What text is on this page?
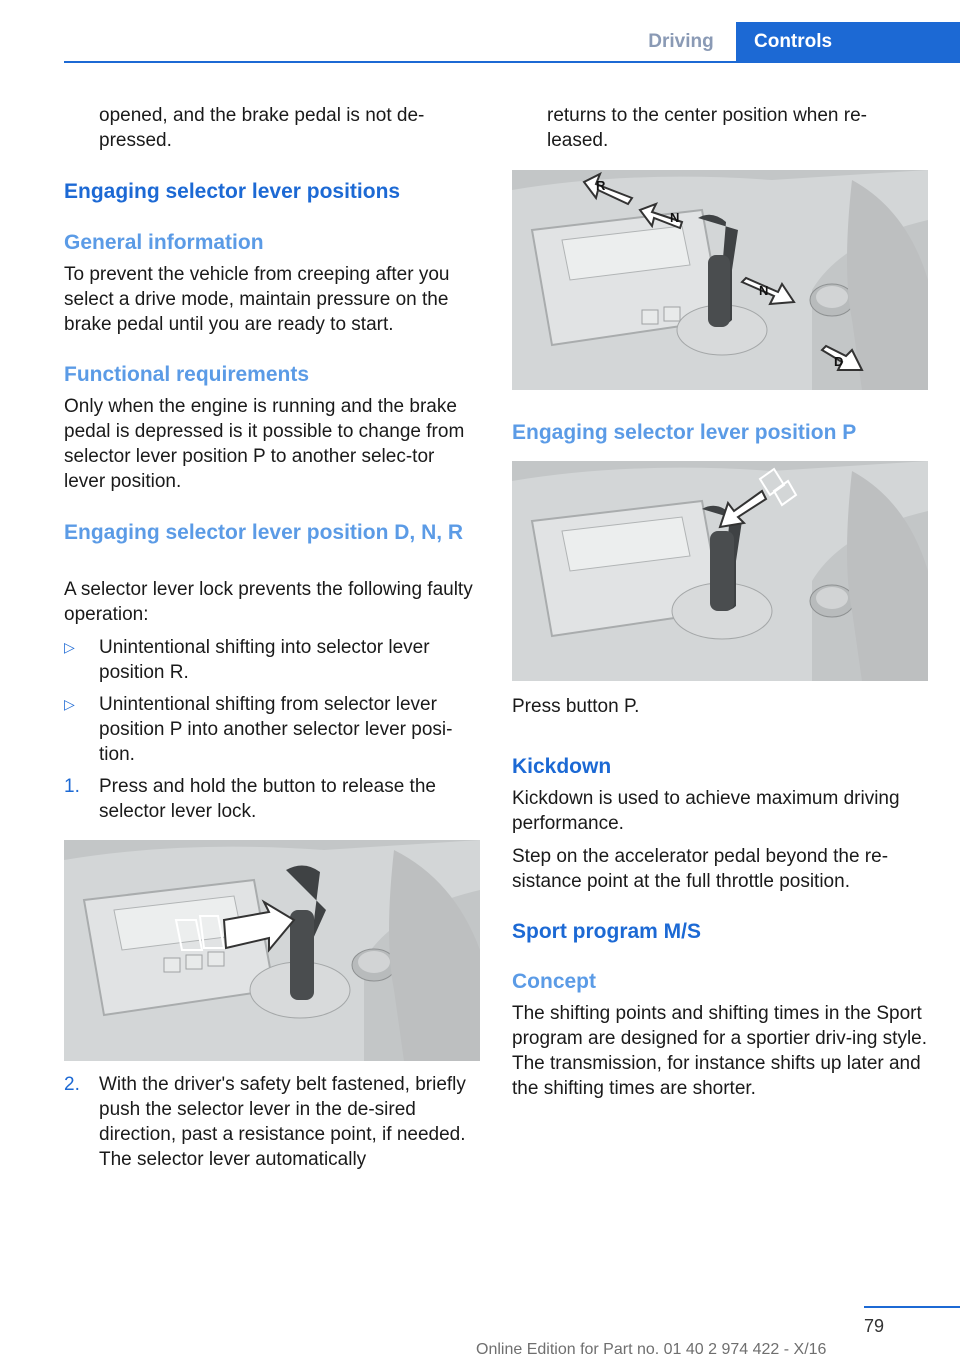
Driving	Controls

opened, and the brake pedal is not de-
pressed.

Engaging selector lever positions
General information

To prevent the vehicle from creeping after you select a drive mode, maintain pressure on the brake pedal until you are ready to start.

Functional requirements

Only when the engine is running and the brake pedal is depressed is it possible to change from selector lever position P to another selec-tor lever position.

Engaging selector lever position D, N, R

A selector lever lock prevents the following faulty operation:

▷ Unintentional shifting into selector lever position R.
▷ Unintentional shifting from selector lever position P into another selector lever posi-tion.
1. Press and hold the button to release the selector lever lock.
2. With the driver's safety belt fastened, briefly push the selector lever in the de-sired direction, past a resistance point, if needed. The selector lever automatically

returns to the center position when re-leased.

R
N
N
D
Engaging selector lever position P

Press button P.

Kickdown

Kickdown is used to achieve maximum driving performance.

Step on the accelerator pedal beyond the re-sistance point at the full throttle position.

Sport program M/S
Concept

The shifting points and shifting times in the Sport program are designed for a sportier driv-ing style. The transmission, for instance shifts up later and the shifting times are shorter.

79
Online Edition for Part no. 01 40 2 974 422 - X/16
